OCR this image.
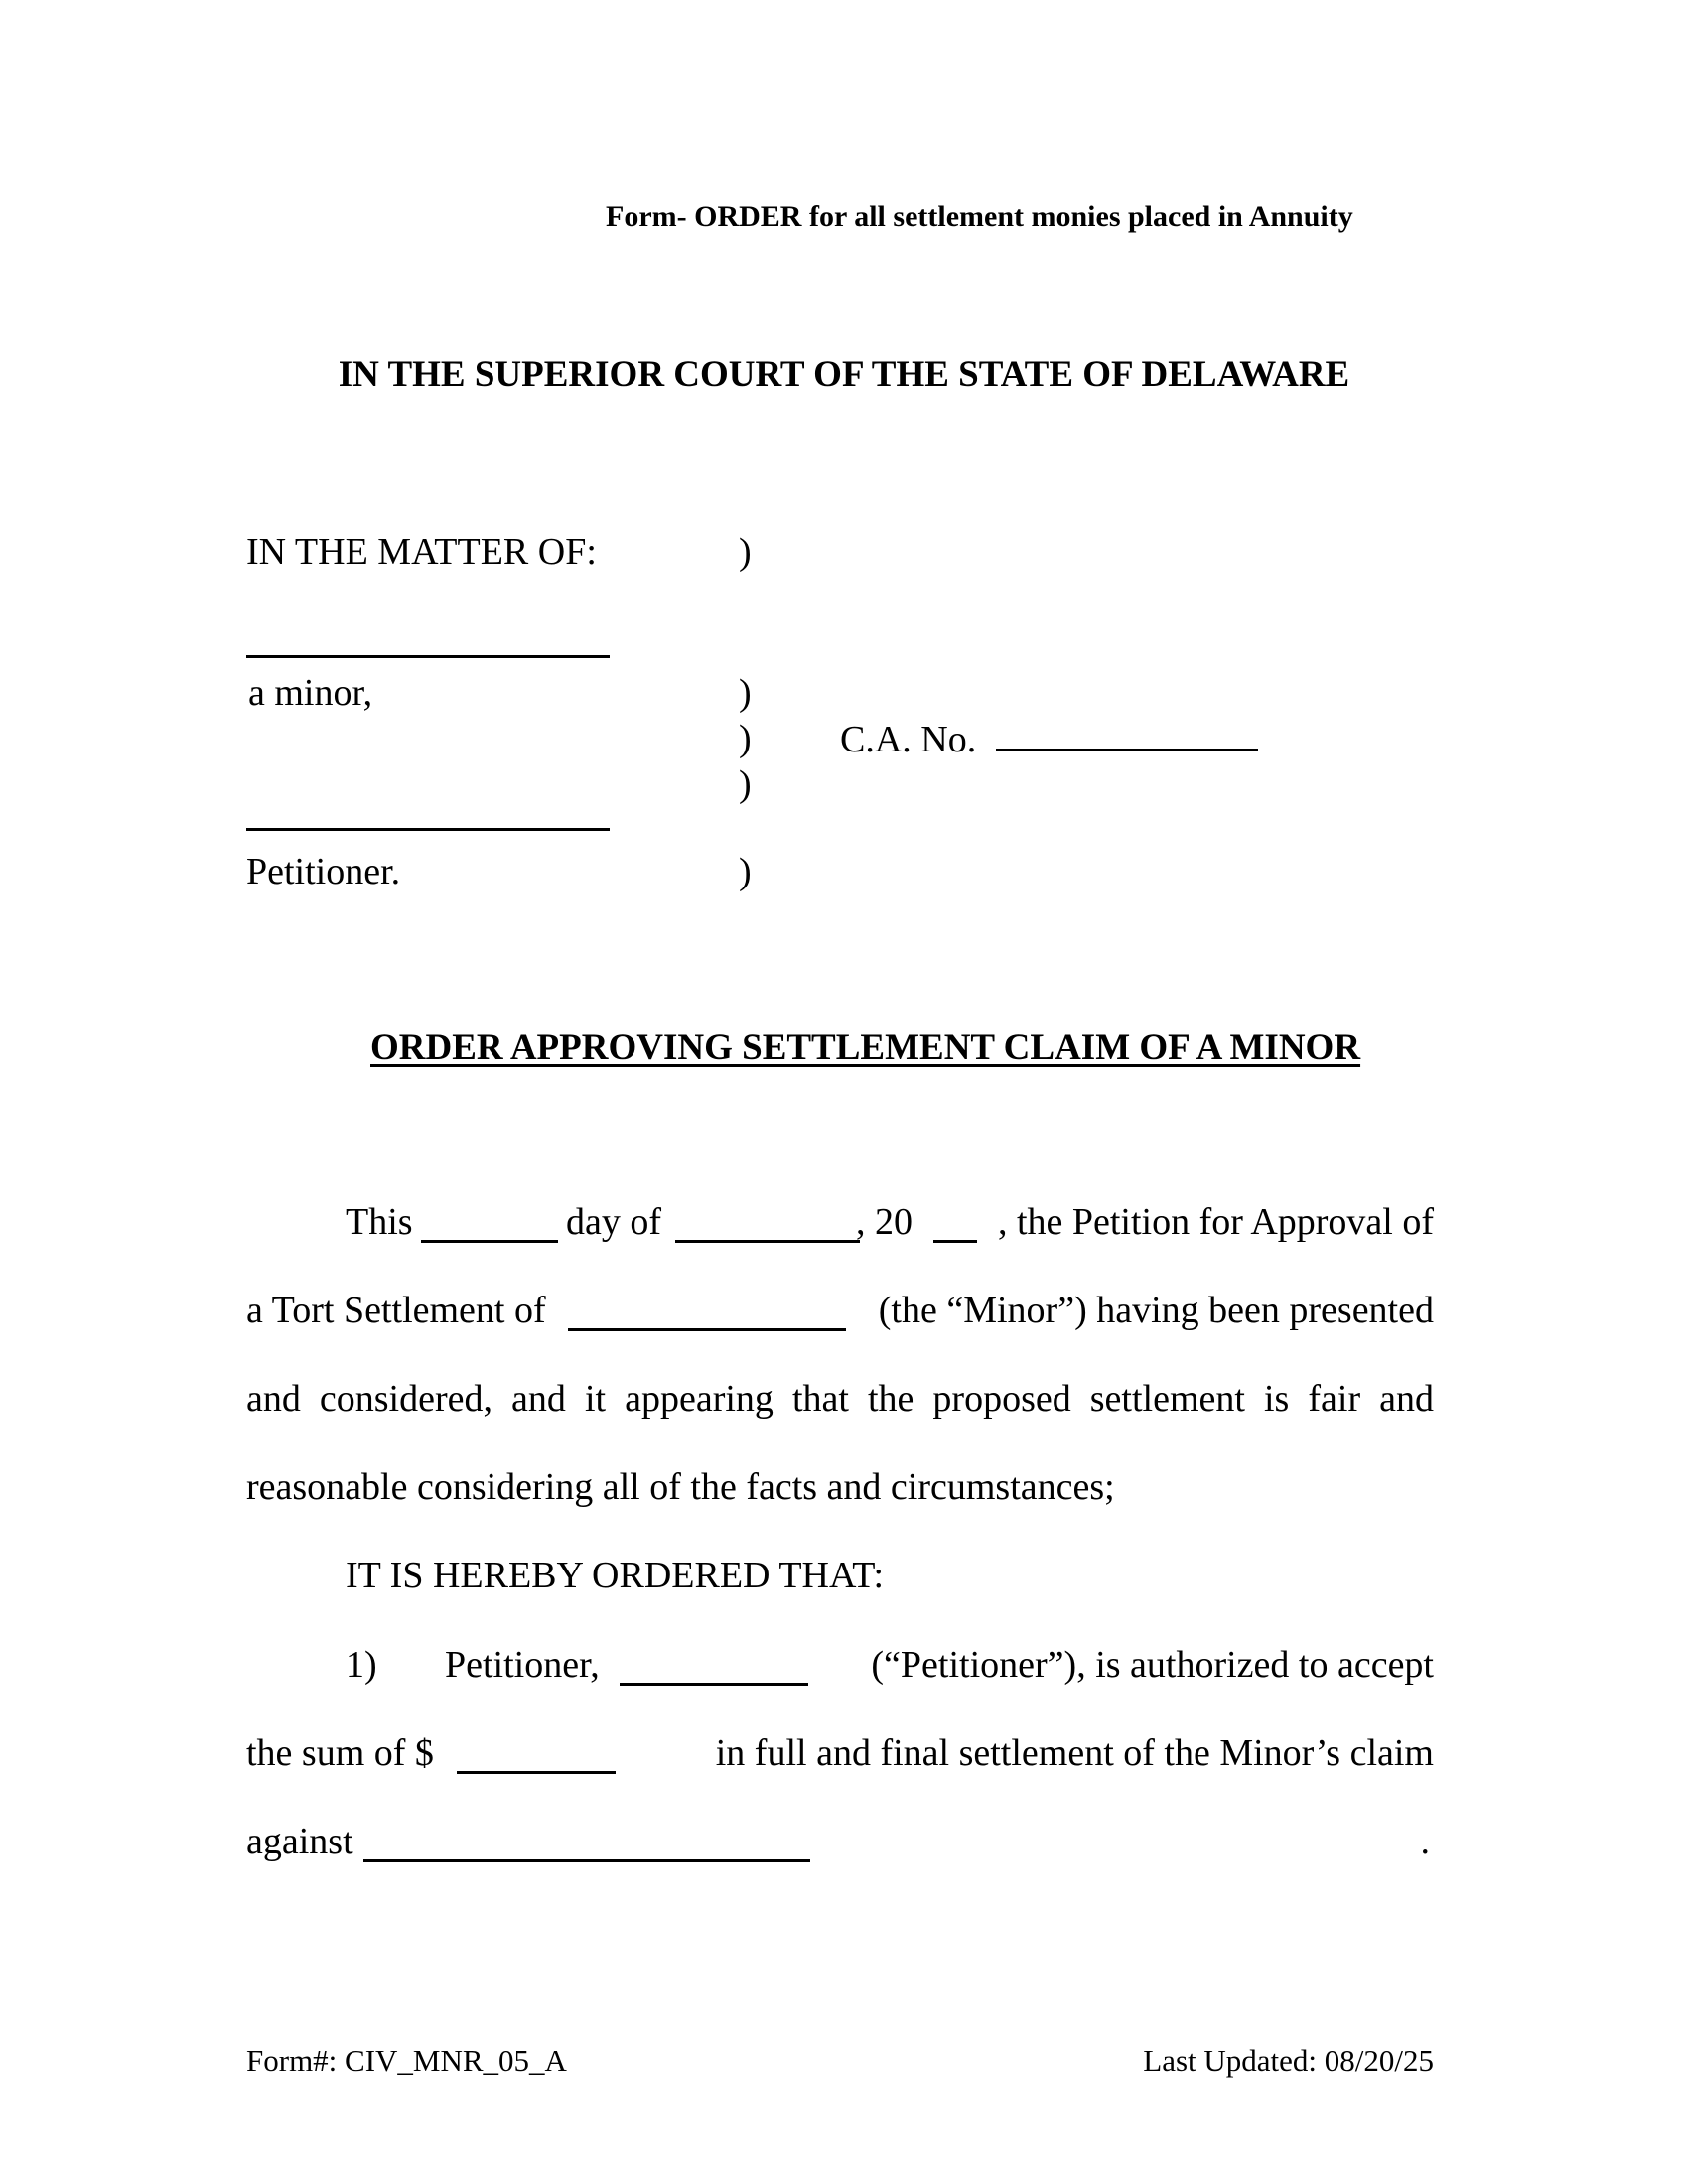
Form- ORDER for all settlement monies placed in Annuity
IN THE SUPERIOR COURT OF THE STATE OF DELAWARE
IN THE MATTER OF:	)
a minor,	)
)
)
C.A. No.
Petitioner.	)
ORDER APPROVING SETTLEMENT CLAIM OF A MINOR
This	day of	, 20 , the Petition for Approval of
a Tort Settlement of	(the “Minor”) having been presented
and considered, and it appearing that the proposed settlement is fair and
reasonable considering all of the facts and circumstances;
IT IS HEREBY ORDERED THAT:
1) Petitioner,	(“Petitioner”), is authorized to accept
the sum of $	in full and final settlement of the Minor’s claim
against	.
Form#: CIV_MNR_05_A	Last Updated: 08/20/25
